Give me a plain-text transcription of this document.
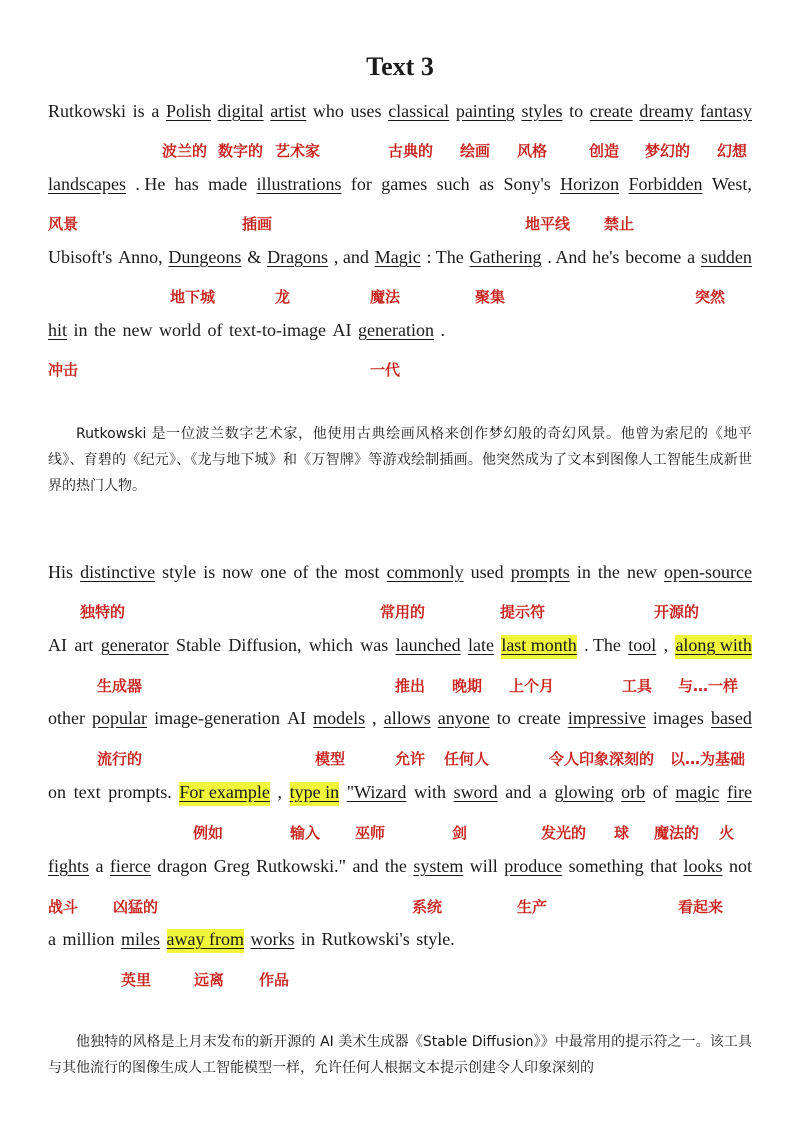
Text 3
Rutkowski is a Polish digital artist who uses classical painting styles to create dreamy fantasy
landscapes . He has made illustrations for games such as Sony's Horizon Forbidden West,
Ubisoft's Anno, Dungeons & Dragons , and Magic : The Gathering . And he's become a sudden
hit in the new world of text-to-image AI generation .
波兰的 数字的 艺术家	古典的 绘画 风格	创造 梦幻的 幻想
风景	插画	地平线 禁止
地下城	龙	魔法	聚集	突然
冲击	一代

Rutkowski 是一位波兰数字艺术家，他使用古典绘画风格来创作梦幻般的奇幻风景。他曾为索尼的《地平线》、育碧的《纪元》、《龙与地下城》和《万智牌》等游戏绘制插画。他突然成为了文本到图像人工智能生成新世界的热门人物。

His distinctive style is now one of the most commonly used prompts in the new open-source
AI art generator Stable Diffusion, which was launched late last month . The tool , along with
other popular image-generation AI models , allows anyone to create impressive images based
on text prompts. For example , type in "Wizard with sword and a glowing orb of magic fire
fights a fierce dragon Greg Rutkowski." and the system will produce something that looks not
a million miles away from works in Rutkowski's style.
独特的	常用的	提示符	开源的
生成器	推出 晚期 上个月	工具 与…一样
流行的	模型	允许 任何人	令人印象深刻的 以…为基础
例如	输入 巫师	剑	发光的 球 魔法的 火
战斗 凶猛的	系统	生产	看起来
英里	远离 作品

他独特的风格是上月末发布的新开源的 AI 美术生成器《Stable Diffusion》》中最常用的提示符之一。该工具与其他流行的图像生成人工智能模型一样，允许任何人根据文本提示创建令人印象深刻的
